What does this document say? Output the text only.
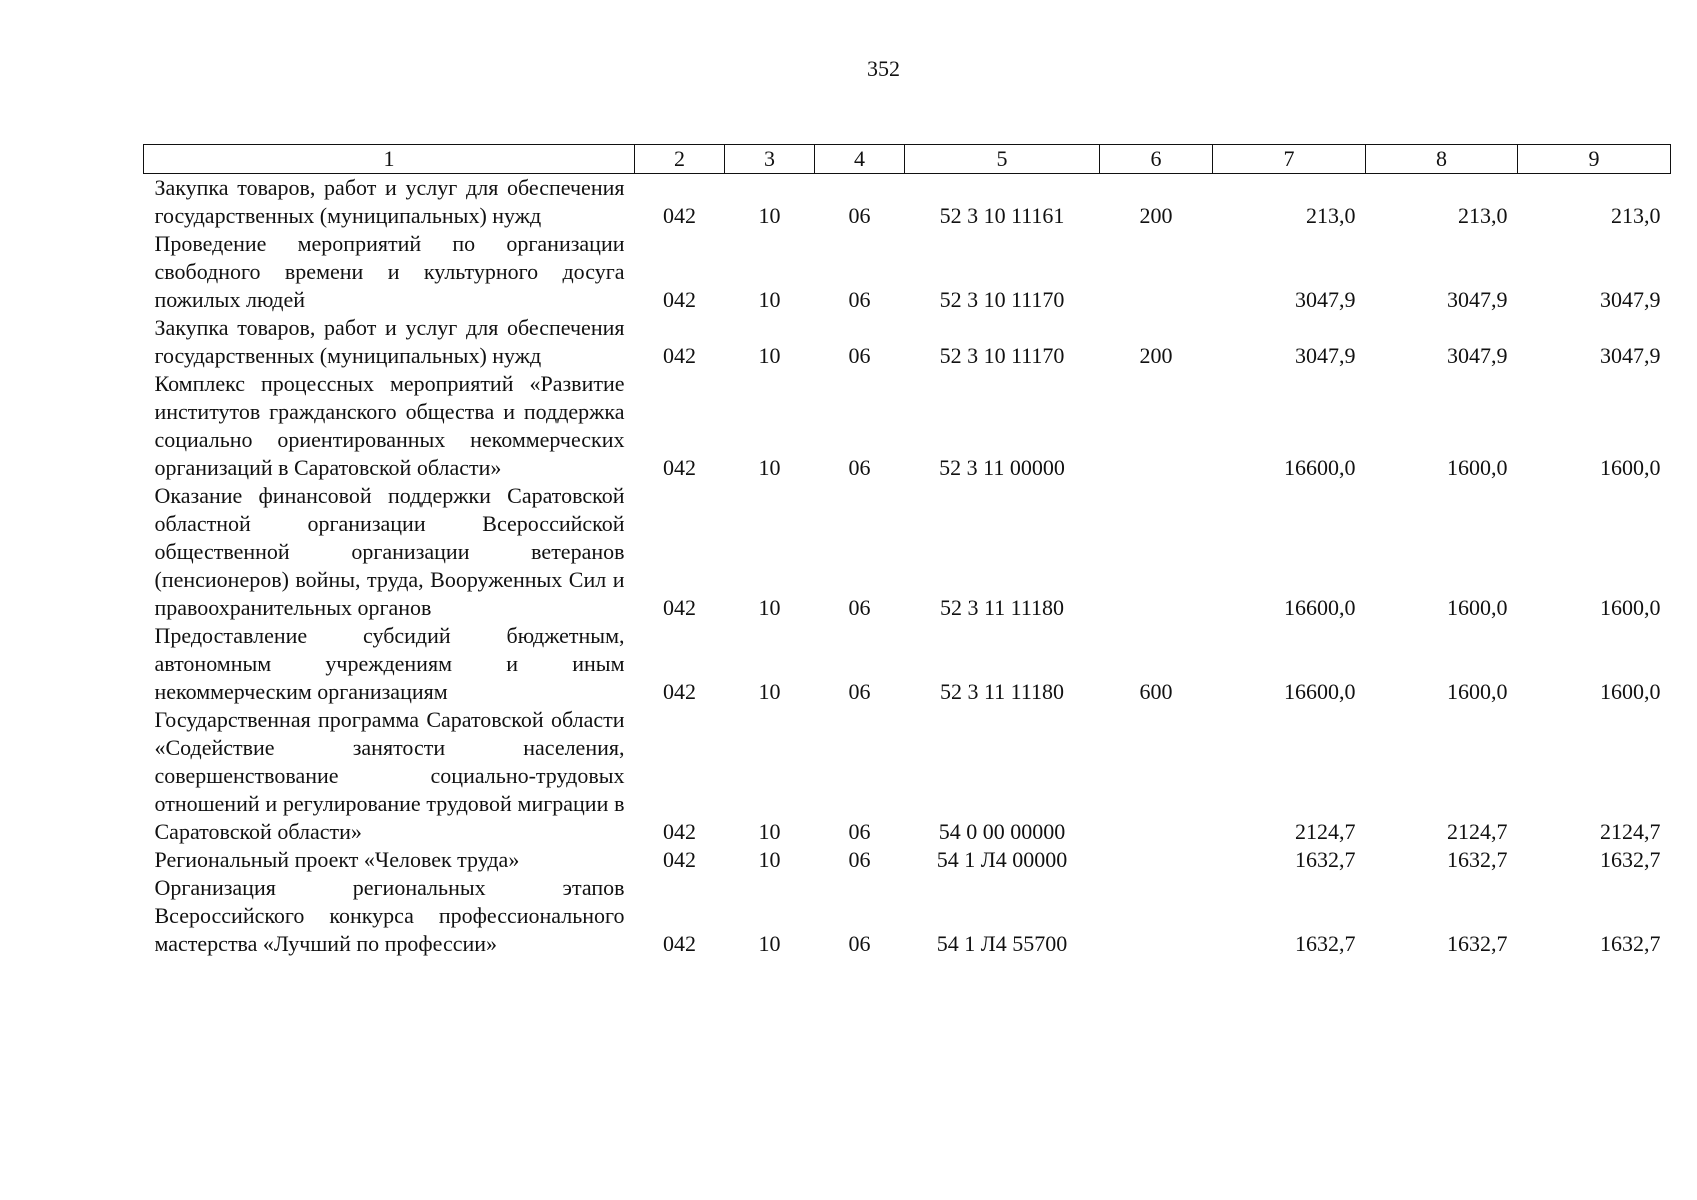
352
1	2	3	4	5	6	7	8	9
Закупка товаров, работ и услуг для обеспечения государственных (муниципальных) нужд	042	10	06	52 3 10 11161	200	213,0	213,0	213,0
Проведение мероприятий по организации свободного времени и культурного досуга пожилых людей	042	10	06	52 3 10 11170		3047,9	3047,9	3047,9
Закупка товаров, работ и услуг для обеспечения государственных (муниципальных) нужд	042	10	06	52 3 10 11170	200	3047,9	3047,9	3047,9
Комплекс процессных мероприятий «Развитие институтов гражданского общества и поддержка социально ориентированных некоммерческих организаций в Саратовской области»	042	10	06	52 3 11 00000		16600,0	1600,0	1600,0
Оказание финансовой поддержки Саратовской областной организации Всероссийской общественной организации ветеранов (пенсионеров) войны, труда, Вооруженных Сил и правоохранительных органов	042	10	06	52 3 11 11180		16600,0	1600,0	1600,0
Предоставление субсидий бюджетным, автономным учреждениям и иным некоммерческим организациям	042	10	06	52 3 11 11180	600	16600,0	1600,0	1600,0
Государственная программа Саратовской области «Содействие занятости населения, совершенствование социально-трудовых отношений и регулирование трудовой миграции в Саратовской области»	042	10	06	54 0 00 00000		2124,7	2124,7	2124,7
Региональный проект «Человек труда»	042	10	06	54 1 Л4 00000		1632,7	1632,7	1632,7
Организация региональных этапов Всероссийского конкурса профессионального мастерства «Лучший по профессии»	042	10	06	54 1 Л4 55700		1632,7	1632,7	1632,7
